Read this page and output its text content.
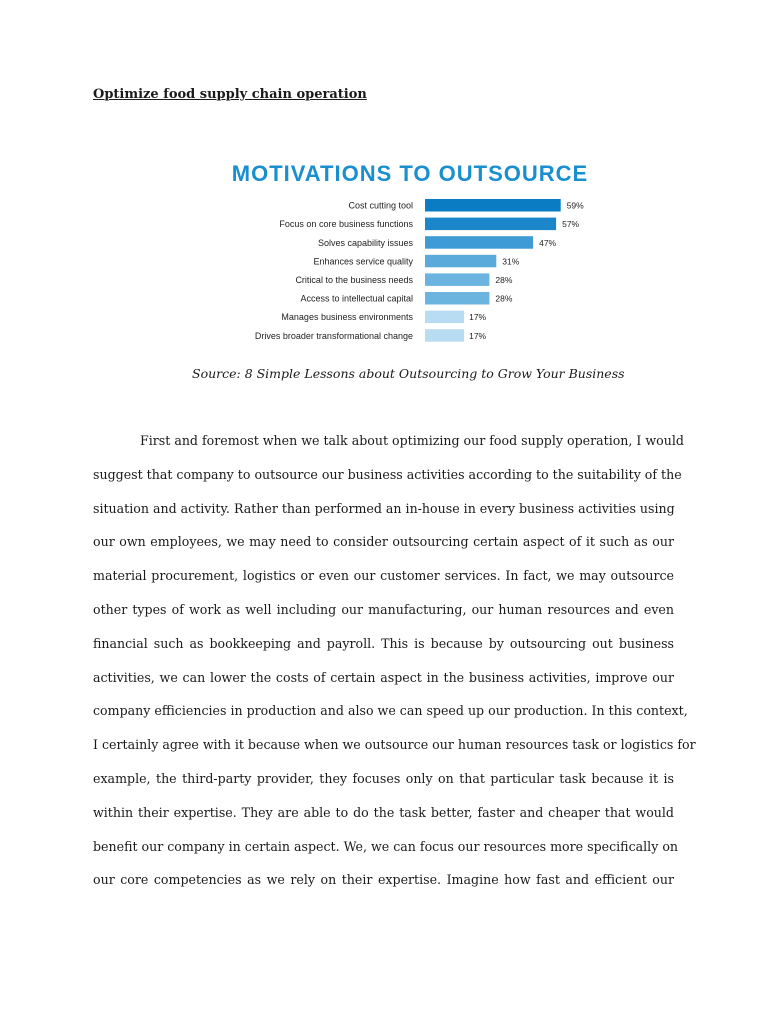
Optimize food supply chain operation
MOTIVATIONS TO OUTSOURCE
Cost cutting tool	59%
Focus on core business functions	57%
Solves capability issues	47%
Enhances service quality	31%
Critical to the business needs	28%
Access to intellectual capital	28%
Manages business environments	17%
Drives broader transformational change	17%
Source: 8 Simple Lessons about Outsourcing to Grow Your Business
First and foremost when we talk about optimizing our food supply operation, I would
suggest that company to outsource our business activities according to the suitability of the
situation and activity. Rather than performed an in-house in every business activities using
our own employees, we may need to consider outsourcing certain aspect of it such as our
material procurement, logistics or even our customer services. In fact, we may outsource
other types of work as well including our manufacturing, our human resources and even
financial such as bookkeeping and payroll. This is because by outsourcing out business
activities, we can lower the costs of certain aspect in the business activities, improve our
company efficiencies in production and also we can speed up our production. In this context,
I certainly agree with it because when we outsource our human resources task or logistics for
example, the third-party provider, they focuses only on that particular task because it is
within their expertise. They are able to do the task better, faster and cheaper that would
benefit our company in certain aspect. We, we can focus our resources more specifically on
our core competencies as we rely on their expertise. Imagine how fast and efficient our
